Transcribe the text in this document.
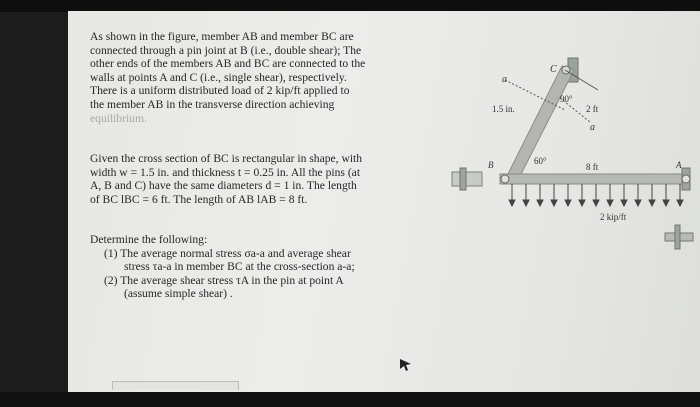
As shown in the figure, member AB and member BC are

connected through a pin joint at B (i.e., double shear); The

other ends of the members AB and BC are connected to the

walls at points A and C (i.e., single shear), respectively.

There is a uniform distributed load of 2 kip/ft applied to

the member AB in the transverse direction achieving

equilibrium.

Given the cross section of BC is rectangular in shape, with

width w = 1.5 in. and thickness t = 0.25 in. All the pins (at

A, B and C) have the same diameters d = 1 in. The length

of BC lBC = 6 ft. The length of AB lAB = 8 ft.

Determine the following:

(1) The average normal stress σa-a and average shear

stress τa-a in member BC at the cross-section a-a;

(2) The average shear stress τA in the pin at point A

(assume simple shear) .

a
C
1.5 in.
90°
2 ft
a
B	60°
8 ft	A
2 kip/ft
